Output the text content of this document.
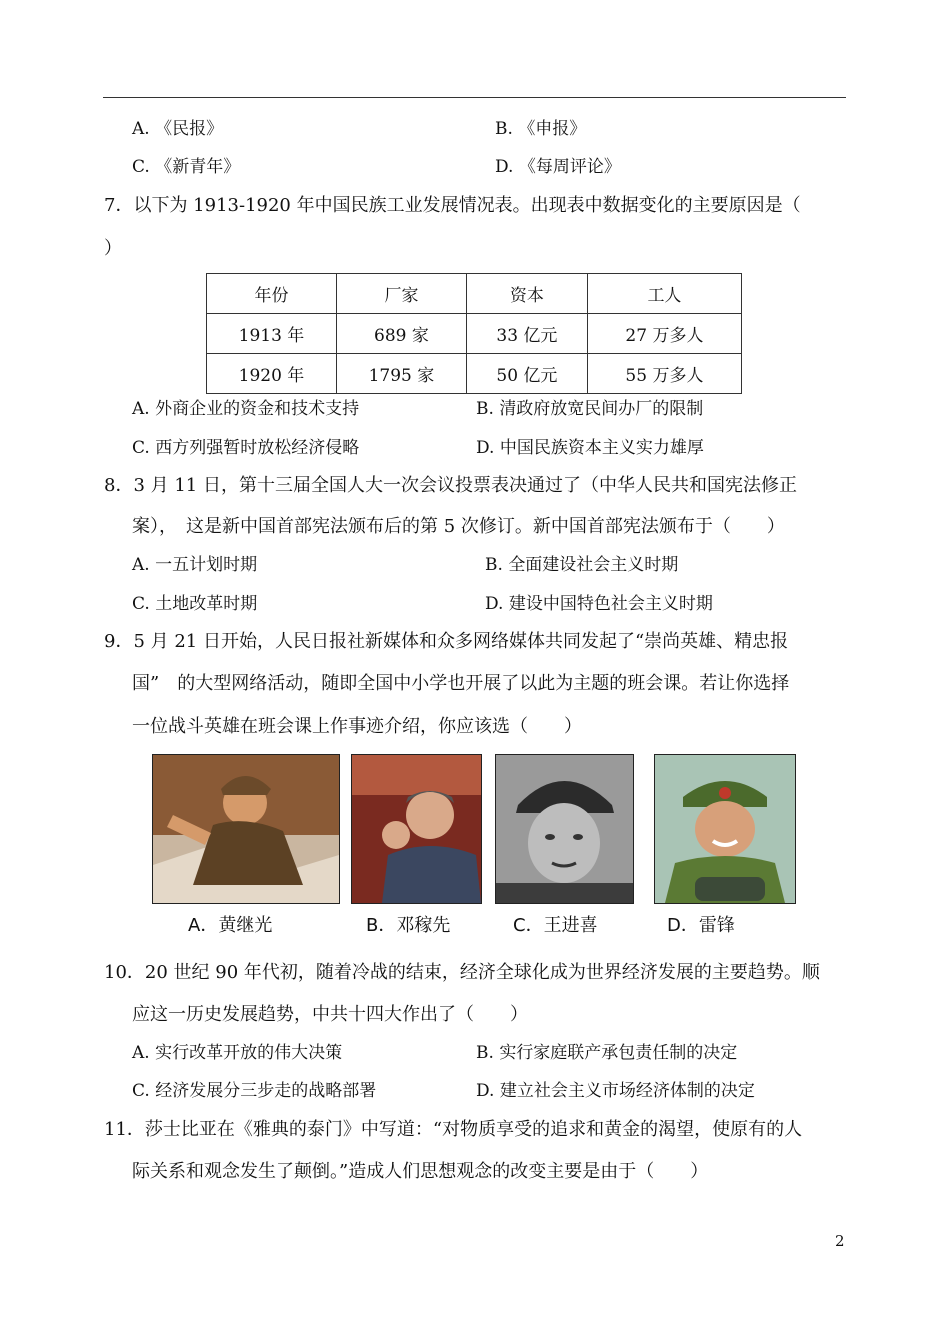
A. 《民报》	B. 《申报》
C. 《新青年》	D. 《每周评论》
7．以下为 1913-1920 年中国民族工业发展情况表。出现表中数据变化的主要原因是（
）
年份	厂家	资本	工人
1913 年	689 家	33 亿元	27 万多人
1920 年	1795 家	50 亿元	55 万多人
A. 外商企业的资金和技术支持	B. 清政府放宽民间办厂的限制
C. 西方列强暂时放松经济侵略	D. 中国民族资本主义实力雄厚
8．3 月 11 日，第十三届全国人大一次会议投票表决通过了（中华人民共和国宪法修正
案），　这是新中国首部宪法颁布后的第 5 次修订。新中国首部宪法颁布于（　　）
A. 一五计划时期	B. 全面建设社会主义时期
C. 土地改革时期	D. 建设中国特色社会主义时期
9．5 月 21 日开始，人民日报社新媒体和众多网络媒体共同发起了“崇尚英雄、精忠报
国”　的大型网络活动，随即全国中小学也开展了以此为主题的班会课。若让你选择
一位战斗英雄在班会课上作事迹介绍，你应该选（　　）
A．黄继光	B．邓稼先	C．王进喜	D．雷锋
10．20 世纪 90 年代初，随着冷战的结束，经济全球化成为世界经济发展的主要趋势。顺
应这一历史发展趋势，中共十四大作出了（　　）
A. 实行改革开放的伟大决策	B. 实行家庭联产承包责任制的决定
C. 经济发展分三步走的战略部署	D. 建立社会主义市场经济体制的决定
11．莎士比亚在《雅典的泰门》中写道：“对物质享受的追求和黄金的渴望，使原有的人
际关系和观念发生了颠倒。”造成人们思想观念的改变主要是由于（　　）
2
